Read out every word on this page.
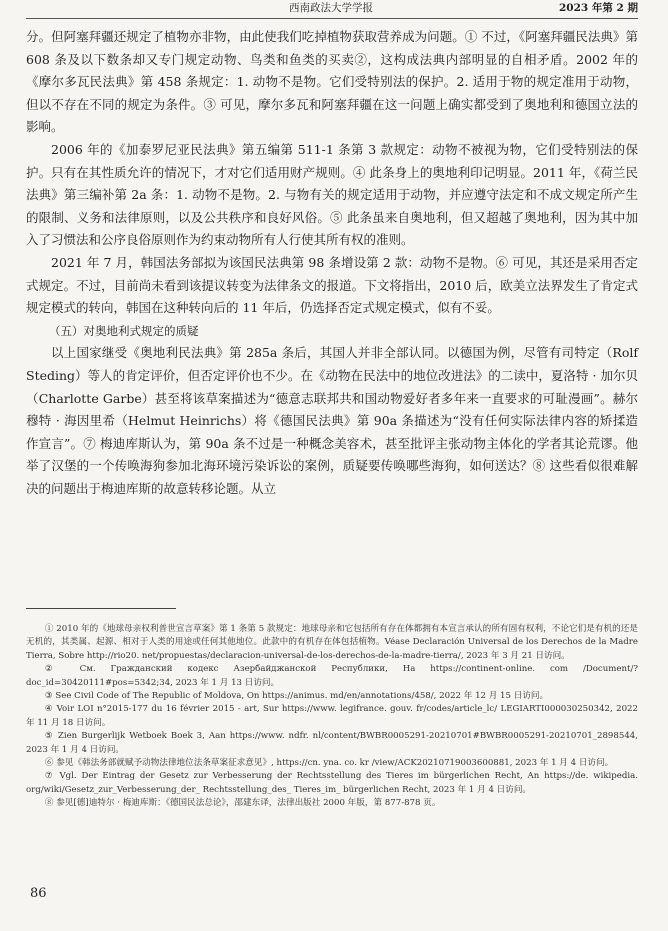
西南政法大学学报	2023 年第 2 期

分。但阿塞拜疆还规定了植物亦非物，由此使我们吃掉植物获取营养成为问题。① 不过，《阿塞拜疆民法典》第 608 条及以下数条却又专门规定动物、鸟类和鱼类的买卖②，这构成法典内部明显的自相矛盾。2002 年的《摩尔多瓦民法典》第 458 条规定：1. 动物不是物。它们受特别法的保护。2. 适用于物的规定准用于动物，但以不存在不同的规定为条件。③ 可见，摩尔多瓦和阿塞拜疆在这一问题上确实都受到了奥地利和德国立法的影响。

2006 年的《加泰罗尼亚民法典》第五编第 511-1 条第 3 款规定：动物不被视为物，它们受特别法的保护。只有在其性质允许的情况下，才对它们适用财产规则。④ 此条身上的奥地利印记明显。2011 年，《荷兰民法典》第三编补第 2a 条：1. 动物不是物。2. 与物有关的规定适用于动物，并应遵守法定和不成文规定所产生的限制、义务和法律原则，以及公共秩序和良好风俗。⑤ 此条虽来自奥地利，但又超越了奥地利，因为其中加入了习惯法和公序良俗原则作为约束动物所有人行使其所有权的准则。

2021 年 7 月，韩国法务部拟为该国民法典第 98 条增设第 2 款：动物不是物。⑥ 可见，其还是采用否定式规定。不过，目前尚未看到该提议转变为法律条文的报道。下文将指出，2010 后，欧美立法界发生了肯定式规定模式的转向，韩国在这种转向后的 11 年后，仍选择否定式规定模式，似有不妥。

（五）对奥地利式规定的质疑

以上国家继受《奥地利民法典》第 285a 条后，其国人并非全部认同。以德国为例，尽管有司特定（Rolf Steding）等人的肯定评价，但否定评价也不少。在《动物在民法中的地位改进法》的二读中，夏洛特 · 加尔贝（Charlotte Garbe）甚至将该草案描述为“德意志联邦共和国动物爱好者多年来一直要求的可耻漫画”。赫尔穆特 · 海因里希（Helmut Heinrichs）将《德国民法典》第 90a 条描述为“没有任何实际法律内容的矫揉造作宣言”。⑦ 梅迪库斯认为，第 90a 条不过是一种概念美容术，甚至批评主张动物主体化的学者其论荒谬。他举了汉堡的一个传唤海狗参加北海环境污染诉讼的案例，质疑要传唤哪些海狗，如何送达？⑧ 这些看似很难解决的问题出于梅迪库斯的故意转移论题。从立

① 2010 年的《地球母亲权利普世宣言草案》第 1 条第 5 款规定：地球母亲和它包括所有存在体都拥有本宣言承认的所有固有权利，不论它们是有机的还是无机的，其类属、起源、相对于人类的用途或任何其他地位。此款中的有机存在体包括植物。Véase Declaración Universal de los Derechos de la Madre Tierra, Sobre http://rio20. net/propuestas/declaracion-universal-de-los-derechos-de-la-madre-tierra/, 2023 年 3 月 21 日访问。

② Cм. Гражданский кодекс Азербайджанской Республики, На https://continent-online. com /Document/? doc_id=30420111#pos=5342;34, 2023 年 1 月 13 日访问。

③ See Civil Code of The Republic of Moldova, On https://animus. md/en/annotations/458/, 2022 年 12 月 15 日访问。

④ Voir LOI n°2015-177 du 16 février 2015 - art, Sur https://www. legifrance. gouv. fr/codes/article_lc/ LEGIARTI000030250342, 2022 年 11 月 18 日访问。

⑤ Zien Burgerlijk Wetboek Boek 3, Aan https://www. ndfr. nl/content/BWBR0005291-20210701#BWBR0005291-20210701_2898544, 2023 年 1 月 4 日访问。

⑥ 参见《韩法务部就赋予动物法律地位法条草案征求意见》, https://cn. yna. co. kr /view/ACK20210719003600881, 2023 年 1 月 4 日访问。

⑦ Vgl. Der Eintrag der Gesetz zur Verbesserung der Rechtsstellung des Tieres im bürgerlichen Recht, An https://de. wikipedia. org/wiki/Gesetz_zur_Verbesserung_der_ Rechtsstellung_des_ Tieres_im_ bürgerlichen Recht, 2023 年 1 月 4 日访问。

⑧ 参见[德]迪特尔 · 梅迪库斯：《德国民法总论》，邵建东译，法律出版社 2000 年版，第 877-878 页。

86
